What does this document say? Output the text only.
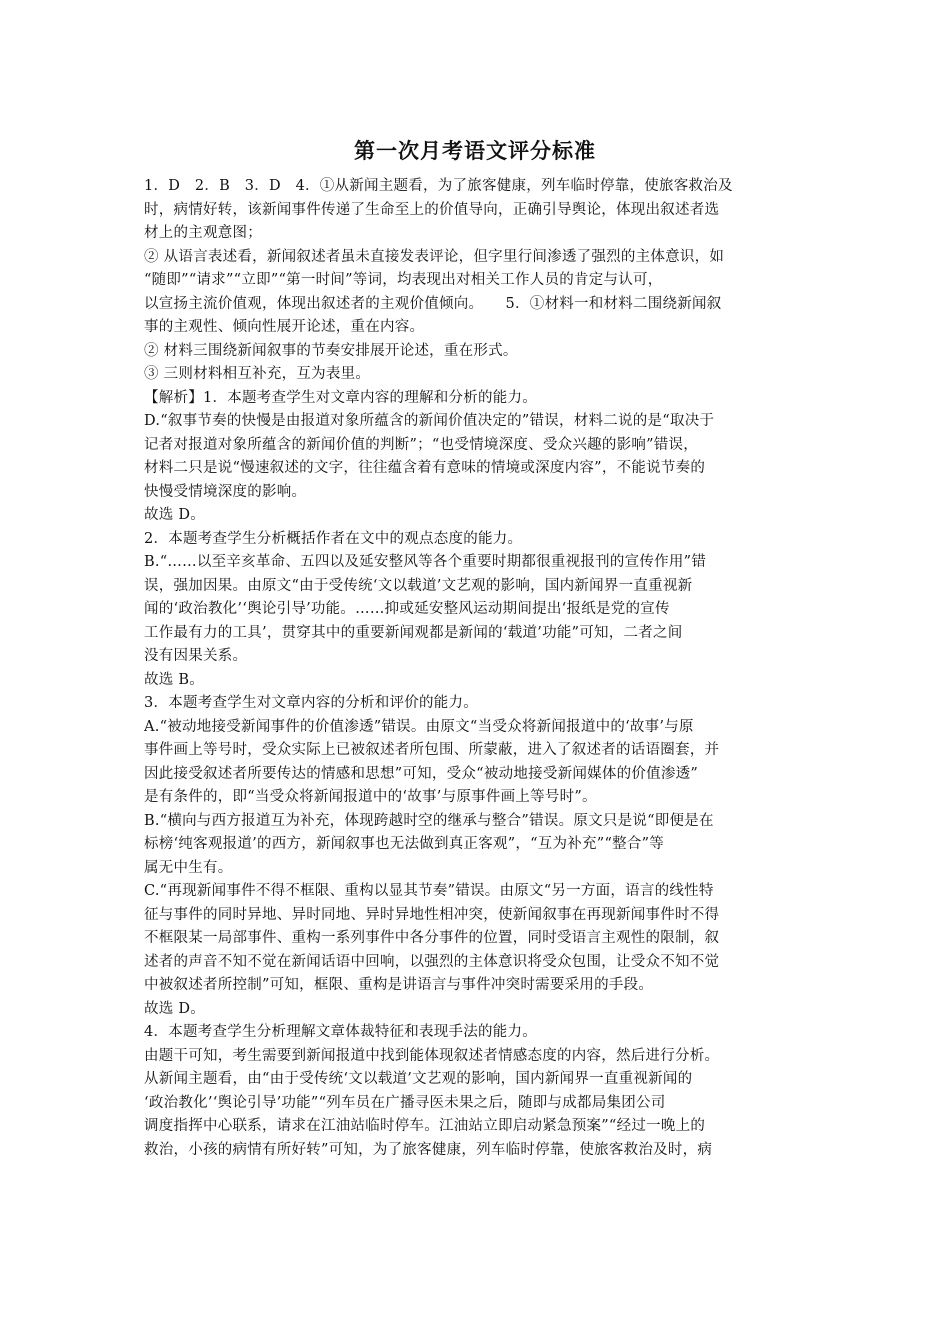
第一次月考语文评分标准
1．D　2．B　3．D　4．①从新闻主题看，为了旅客健康，列车临时停靠，使旅客救治及
时，病情好转，该新闻事件传递了生命至上的价值导向，正确引导舆论，体现出叙述者选
材上的主观意图；
② 从语言表述看，新闻叙述者虽未直接发表评论，但字里行间渗透了强烈的主体意识，如
“随即”“请求”“立即”“第一时间”等词，均表现出对相关工作人员的肯定与认可，
以宣扬主流价值观，体现出叙述者的主观价值倾向。　　5．①材料一和材料二围绕新闻叙
事的主观性、倾向性展开论述，重在内容。
② 材料三围绕新闻叙事的节奏安排展开论述，重在形式。
③ 三则材料相互补充，互为表里。
【解析】1．本题考查学生对文章内容的理解和分析的能力。
D.“叙事节奏的快慢是由报道对象所蕴含的新闻价值决定的”错误，材料二说的是“取决于
记者对报道对象所蕴含的新闻价值的判断”；“也受情境深度、受众兴趣的影响”错误，
材料二只是说“慢速叙述的文字，往往蕴含着有意味的情境或深度内容”，不能说节奏的
快慢受情境深度的影响。
故选 D。
2．本题考查学生分析概括作者在文中的观点态度的能力。
B.“……以至辛亥革命、五四以及延安整风等各个重要时期都很重视报刊的宣传作用”错
误，强加因果。由原文“由于受传统‘文以载道’文艺观的影响，国内新闻界一直重视新
闻的‘政治教化’‘舆论引导’功能。……抑或延安整风运动期间提出‘报纸是党的宣传
工作最有力的工具’，贯穿其中的重要新闻观都是新闻的‘载道’功能”可知，二者之间
没有因果关系。
故选 B。
3．本题考查学生对文章内容的分析和评价的能力。
A.“被动地接受新闻事件的价值渗透”错误。由原文“当受众将新闻报道中的‘故事’与原
事件画上等号时，受众实际上已被叙述者所包围、所蒙蔽，进入了叙述者的话语圈套，并
因此接受叙述者所要传达的情感和思想”可知，受众“被动地接受新闻媒体的价值渗透”
是有条件的，即“当受众将新闻报道中的‘故事’与原事件画上等号时”。
B.“横向与西方报道互为补充，体现跨越时空的继承与整合”错误。原文只是说“即便是在
标榜‘纯客观报道’的西方，新闻叙事也无法做到真正客观”，“互为补充”“整合”等
属无中生有。
C.“再现新闻事件不得不框限、重构以显其节奏”错误。由原文“另一方面，语言的线性特
征与事件的同时异地、异时同地、异时异地性相冲突，使新闻叙事在再现新闻事件时不得
不框限某一局部事件、重构一系列事件中各分事件的位置，同时受语言主观性的限制，叙
述者的声音不知不觉在新闻话语中回响，以强烈的主体意识将受众包围，让受众不知不觉
中被叙述者所控制”可知，框限、重构是讲语言与事件冲突时需要采用的手段。
故选 D。
4．本题考查学生分析理解文章体裁特征和表现手法的能力。
由题干可知，考生需要到新闻报道中找到能体现叙述者情感态度的内容，然后进行分析。
从新闻主题看，由“由于受传统‘文以载道’文艺观的影响，国内新闻界一直重视新闻的
‘政治教化’‘舆论引导’功能”“列车员在广播寻医未果之后，随即与成都局集团公司
调度指挥中心联系，请求在江油站临时停车。江油站立即启动紧急预案”“经过一晚上的
救治，小孩的病情有所好转”可知，为了旅客健康，列车临时停靠，使旅客救治及时，病
